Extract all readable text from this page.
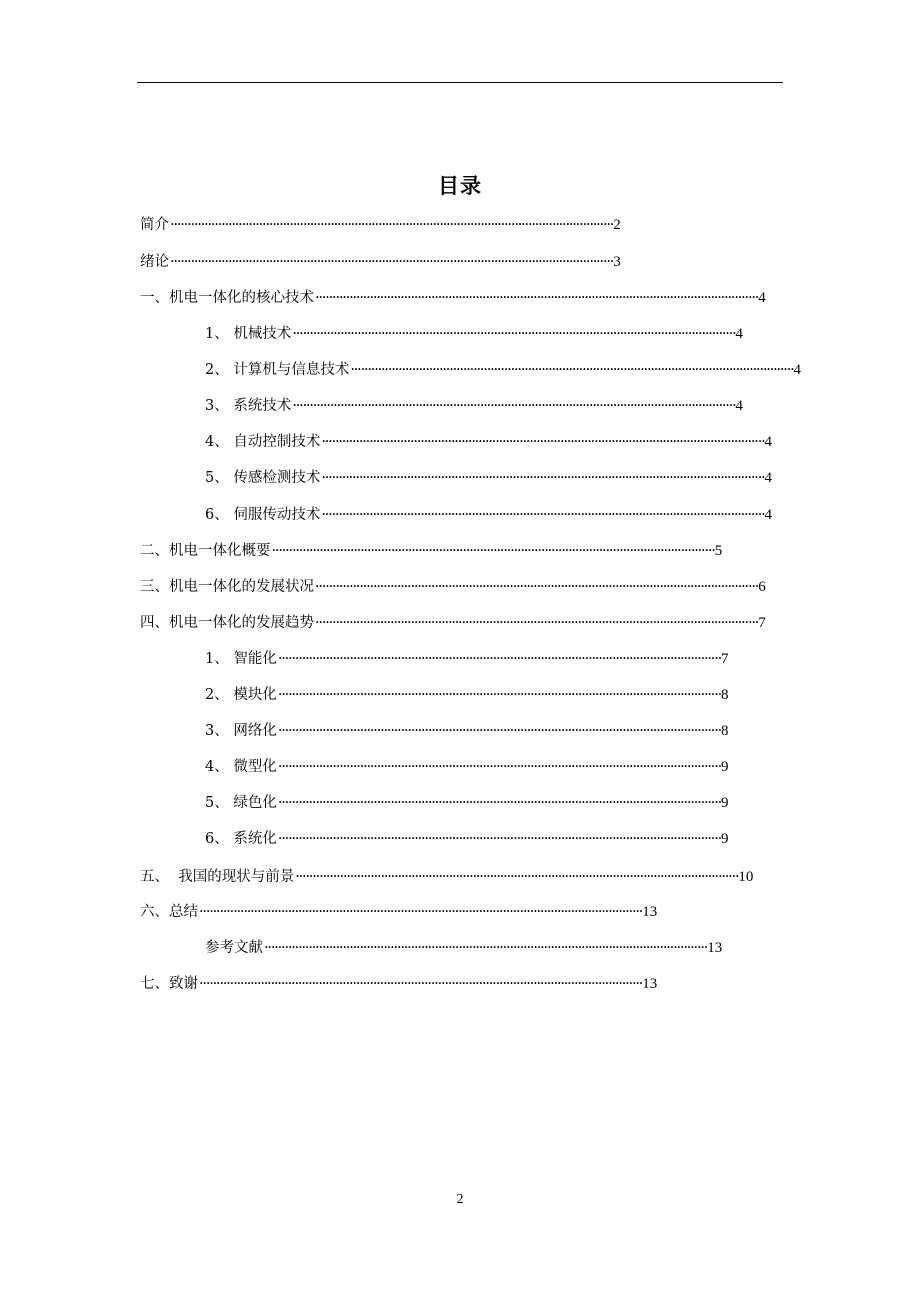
目录
简介 ·································································································································· 2
绪论 ·································································································································· 3
一、机电一体化的核心技术 ·································································································································· 4
1、 机械技术 ·································································································································· 4
2、 计算机与信息技术 ·································································································································· 4
3、 系统技术 ·································································································································· 4
4、 自动控制技术 ·································································································································· 4
5、 传感检测技术 ·································································································································· 4
6、 伺服传动技术 ·································································································································· 4
二、机电一体化概要 ·································································································································· 5
三、机电一体化的发展状况 ·································································································································· 6
四、机电一体化的发展趋势 ·································································································································· 7
1、 智能化 ·································································································································· 7
2、 模块化 ·································································································································· 8
3、 网络化 ·································································································································· 8
4、 微型化 ·································································································································· 9
5、 绿色化 ·································································································································· 9
6、 系统化 ·································································································································· 9
五、  我国的现状与前景 ·································································································································· 10
六、总结 ·································································································································· 13
参考文献 ·································································································································· 13
七、致谢 ·································································································································· 13
2
